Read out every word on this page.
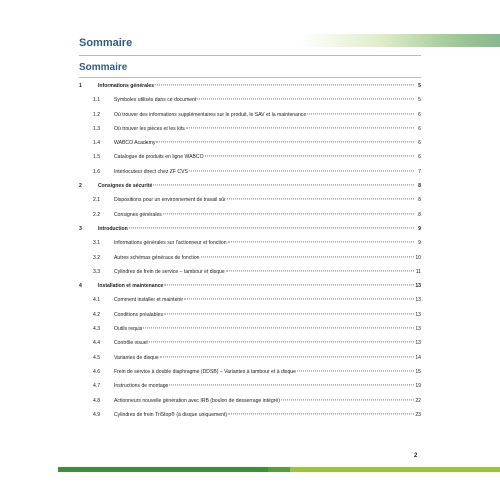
Sommaire
Sommaire
1	Informations générales	5
1.1	Symboles utilisés dans ce document	5
1.2	Où trouver des informations supplémentaires sur le produit, le SAV et la maintenance	6
1.3	Où trouver les pièces et les kits	6
1.4	WABCO Academy	6
1.5	Catalogue de produits en ligne WABCO	6
1.6	Interlocuteur direct chez ZF CVS	7
2	Consignes de sécurité	8
2.1	Dispositions pour un environnement de travail sûr	8
2.2	Consignes générales	8
3	Introduction	9
3.1	Informations générales sur l'actionneur et fonction	9
3.2	Autres schémas généraux de fonction	10
3.3	Cylindres de frein de service – tambour et disque	11
4	Installation et maintenance	13
4.1	Comment installer et maintenir	13
4.2	Conditions préalables	13
4.3	Outils requis	13
4.4	Contrôle visuel	13
4.5	Variantes de disque	14
4.6	Frein de service à double diaphragme (DDSB) – Variantes à tambour et à disque	15
4.7	Instructions de montage	19
4.8	Actionneurs nouvelle génération avec IRB (boulon de desserrage intégré)	22
4.9	Cylindres de frein TriStop® (à disque uniquement)	23
2
